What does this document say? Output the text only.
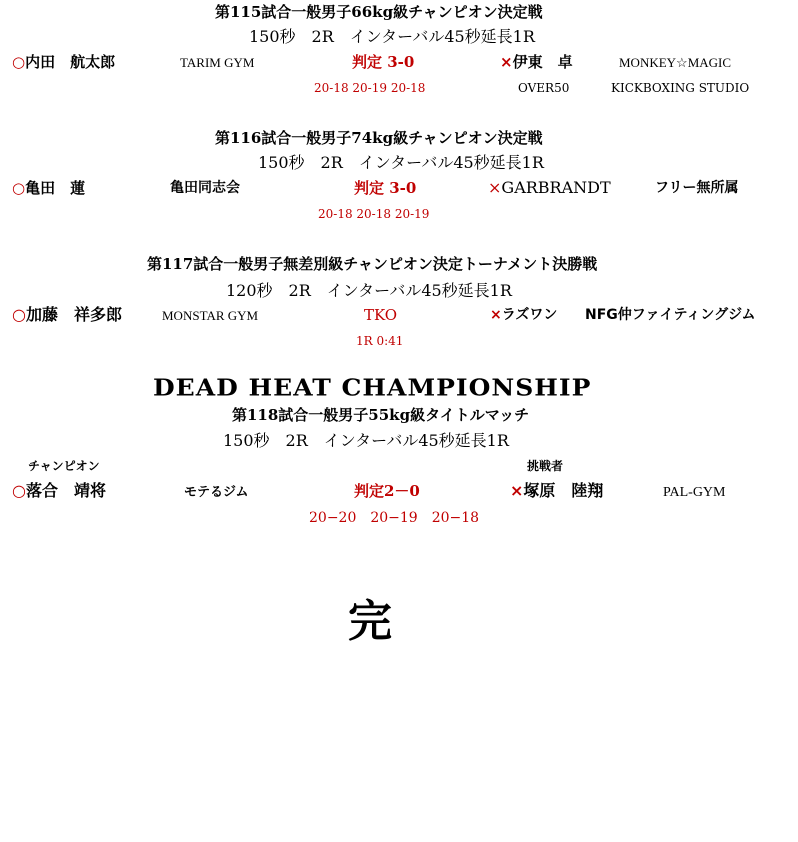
第115試合一般男子66kg級チャンピオン決定戦
150秒　2R　インターバル45秒延長1R
○内田　航太郎	TARIM GYM	判定 3-0	×伊東　卓	MONKEY☆MAGIC
20-18 20-19 20-18	OVER50	KICKBOXING STUDIO
第116試合一般男子74kg級チャンピオン決定戦
150秒　2R　インターバル45秒延長1R
○亀田　蓮	亀田同志会	判定 3-0	×GARBRANDT	フリー無所属
20-18 20-18 20-19
第117試合一般男子無差別級チャンピオン決定トーナメント決勝戦
120秒　2R　インターバル45秒延長1R
○加藤　祥多郎	MONSTAR GYM	TKO	×ラズワン NFG仲ファイティングジム
1R 0:41
DEAD HEAT CHAMPIONSHIP
第118試合一般男子55kg級タイトルマッチ
150秒　2R　インターバル45秒延長1R
チャンピオン	挑戦者
○落合　靖将	モテるジム	判定2－0	×塚原　陸翔	PAL-GYM
20−20　20−19　20−18
完
